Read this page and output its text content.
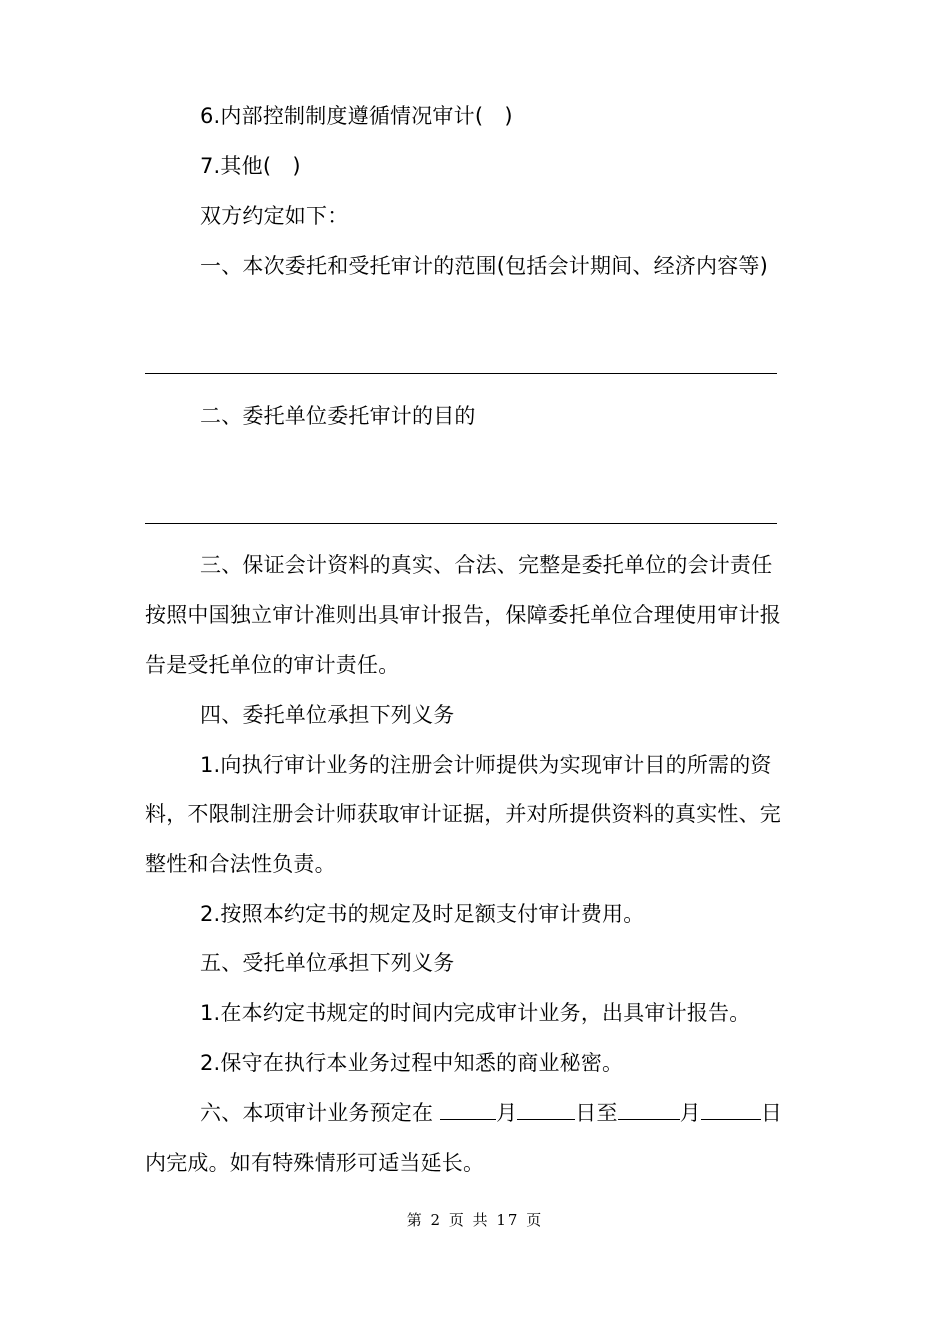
6.内部控制制度遵循情况审计(　)
7.其他(　)
双方约定如下：
一、本次委托和受托审计的范围(包括会计期间、经济内容等)
二、委托单位委托审计的目的
三、保证会计资料的真实、合法、完整是委托单位的会计责任
按照中国独立审计准则出具审计报告，保障委托单位合理使用审计报
告是受托单位的审计责任。
四、委托单位承担下列义务
1.向执行审计业务的注册会计师提供为实现审计目的所需的资
料，不限制注册会计师获取审计证据，并对所提供资料的真实性、完
整性和合法性负责。
2.按照本约定书的规定及时足额支付审计费用。
五、受托单位承担下列义务
1.在本约定书规定的时间内完成审计业务，出具审计报告。
2.保守在执行本业务过程中知悉的商业秘密。
六、本项审计业务预定在	月	日至	月	日
内完成。如有特殊情形可适当延长。
第 2 页 共 17 页
